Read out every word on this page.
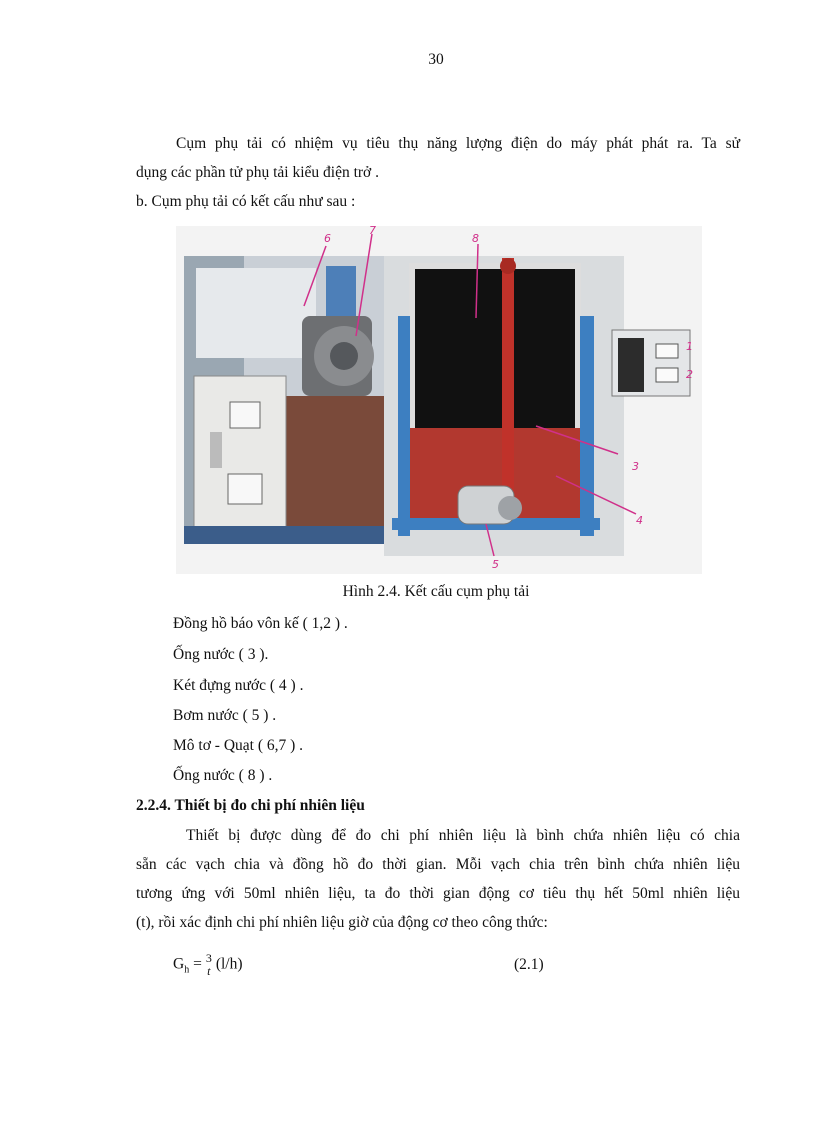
30
Cụm phụ tải có nhiệm vụ tiêu thụ năng lượng điện do máy phát phát ra. Ta sử
dụng các phần tử phụ tải kiểu điện trở .
b. Cụm phụ tải có kết cấu như sau :
6
7
8
1
2
3
4
5
Hình 2.4. Kết cấu cụm phụ tải
Đồng hồ báo vôn kế ( 1,2 ) .
Ống nước ( 3 ).
Két đựng nước ( 4 ) .
Bơm nước ( 5 ) .
Mô tơ - Quạt ( 6,7 ) .
Ống nước ( 8 ) .
2.2.4. Thiết bị đo chi phí nhiên liệu
Thiết bị được dùng để đo chi phí nhiên liệu là bình chứa nhiên liệu có chia
sẵn các vạch chia và đồng hồ đo thời gian. Mỗi vạch chia trên bình chứa nhiên liệu
tương ứng với 50ml nhiên liệu, ta đo thời gian động cơ tiêu thụ hết 50ml nhiên liệu
(t), rồi xác định chi phí nhiên liệu giờ của động cơ theo công thức:
$G_h = 3$
t (l/h)	(2.1)
